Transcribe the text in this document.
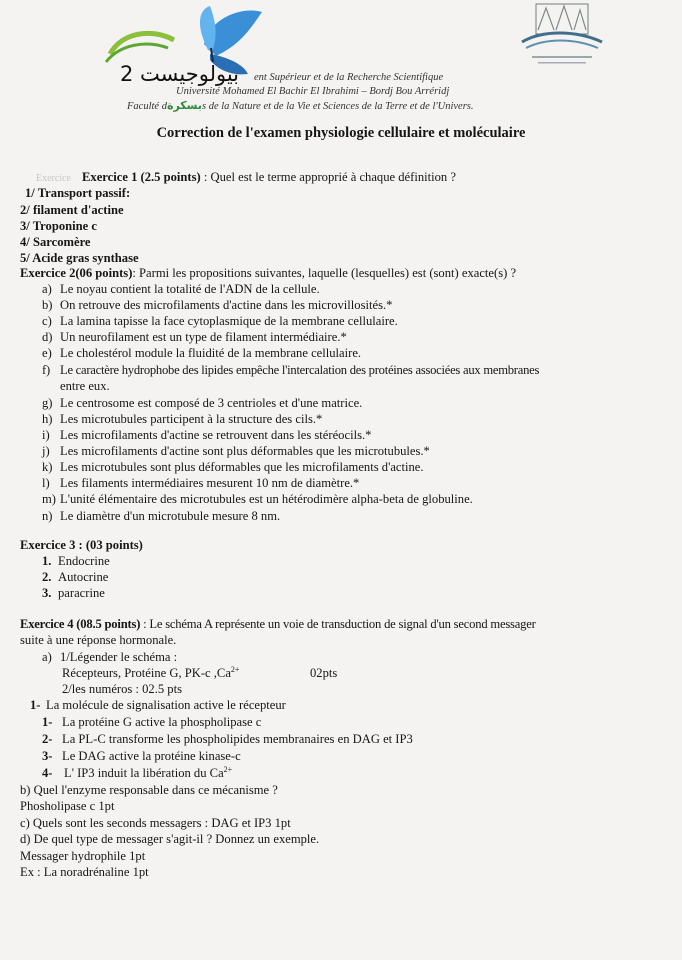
بيولوجيست 2 ent Supérieur et de la Recherche Scientifique
Université Mohamed El Bachir El Ibrahimi – Bordj Bou Arréridj
Faculté dبسكرةs de la Nature et de la Vie et Sciences de la Terre et de l'Univers.
Correction de l'examen physiologie cellulaire et moléculaire
Exercice Exercice 1 (2.5 points) : Quel est le terme approprié à chaque définition ?
1/ Transport passif:
2/ filament d'actine
3/ Troponine c
4/ Sarcomère
5/ Acide gras synthase
Exercice 2(06 points): Parmi les propositions suivantes, laquelle (lesquelles) est (sont) exacte(s) ?
a) Le noyau contient la totalité de l'ADN de la cellule.
b) On retrouve des microfilaments d'actine dans les microvillosités.*
c) La lamina tapisse la face cytoplasmique de la membrane cellulaire.
d) Un neurofilament est un type de filament intermédiaire.*
e) Le cholestérol module la fluidité de la membrane cellulaire.
f) Le caractère hydrophobe des lipides empêche l'intercalation des protéines associées aux membranes
entre eux.
g) Le centrosome est composé de 3 centrioles et d'une matrice.
h) Les microtubules participent à la structure des cils.*
i) Les microfilaments d'actine se retrouvent dans les stéréocils.*
j) Les microfilaments d'actine sont plus déformables que les microtubules.*
k) Les microtubules sont plus déformables que les microfilaments d'actine.
l) Les filaments intermédiaires mesurent 10 nm de diamètre.*
m) L'unité élémentaire des microtubules est un hétérodimère alpha-beta de globuline.
n) Le diamètre d'un microtubule mesure 8 nm.
Exercice 3 : (03 points)
1. Endocrine
2. Autocrine
3. paracrine
Exercice 4 (08.5 points) : Le schéma A représente un voie de transduction de signal d'un second messager
suite à une réponse hormonale.
a) 1/Légender le schéma :
Récepteurs, Protéine G, PK-c $,Ca^{2+}$	02pts
2/les numéros : 02.5 pts
1- La molécule de signalisation active le récepteur
1- La protéine G active la phospholipase c
2- La PL-C transforme les phospholipides membranaires en DAG et IP3
3- Le DAG active la protéine kinase-c
4- L' IP3 induit la libération du $Ca^{2+}$
b) Quel l'enzyme responsable dans ce mécanisme ?
Phosholipase c 1pt
c) Quels sont les seconds messagers : DAG et IP3 1pt
d) De quel type de messager s'agit-il ? Donnez un exemple.
Messager hydrophile 1pt
Ex : La noradrénaline 1pt
